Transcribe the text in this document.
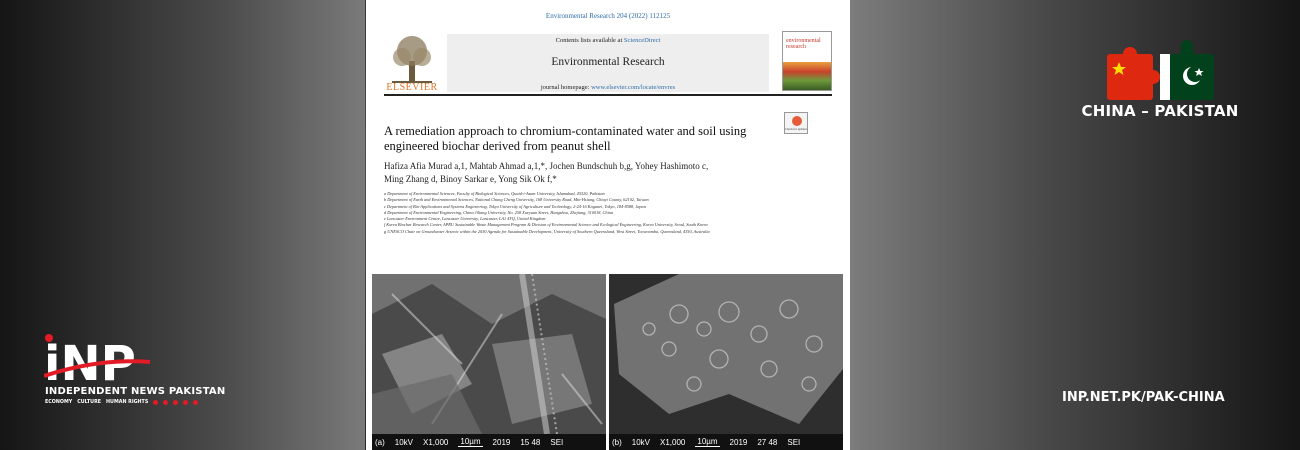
Environmental Research 204 (2022) 112125
ELSEVIER
Contents lists available at ScienceDirect
Environmental Research
journal homepage: www.elsevier.com/locate/envres
environmental
research
Check for updates
A remediation approach to chromium-contaminated water and soil using engineered biochar derived from peanut shell
Hafiza Afia Murad a,1, Mahtab Ahmad a,1,*, Jochen Bundschuh b,g, Yohey Hashimoto c,
Ming Zhang d, Binoy Sarkar e, Yong Sik Ok f,*
a Department of Environmental Sciences, Faculty of Biological Sciences, Quaid-i-Azam University, Islamabad, 45320, Pakistan
b Department of Earth and Environmental Sciences, National Chung Cheng University, 168 University Road, Min-Hsiung, Chiayi County, 62102, Taiwan
c Department of Bio-Applications and Systems Engineering, Tokyo University of Agriculture and Technology, 2-24-16 Koganei, Tokyo, 184-8588, Japan
d Department of Environmental Engineering, China Jiliang University, No. 258 Xueyuan Street, Hangzhou, Zhejiang, 310018, China
e Lancaster Environment Centre, Lancaster University, Lancaster, LA1 4YQ, United Kingdom
f Korea Biochar Research Center, APRU Sustainable Waste Management Program & Division of Environmental Science and Ecological Engineering, Korea University, Seoul, South Korea
g UNESCO Chair on Groundwater Arsenic within the 2030 Agenda for Sustainable Development, University of Southern Queensland, West Street, Toowoomba, Queensland, 4350, Australia
(a) 10kV X1,000 10µm 2019 15 48 SEI	(b) 10kV X1,000 10µm 2019 27 48 SEI
CHINA – PAKISTAN
iNP
INDEPENDENT NEWS PAKISTAN
ECONOMY CULTURE HUMAN RIGHTS	INP.NET.PK/PAK-CHINA
